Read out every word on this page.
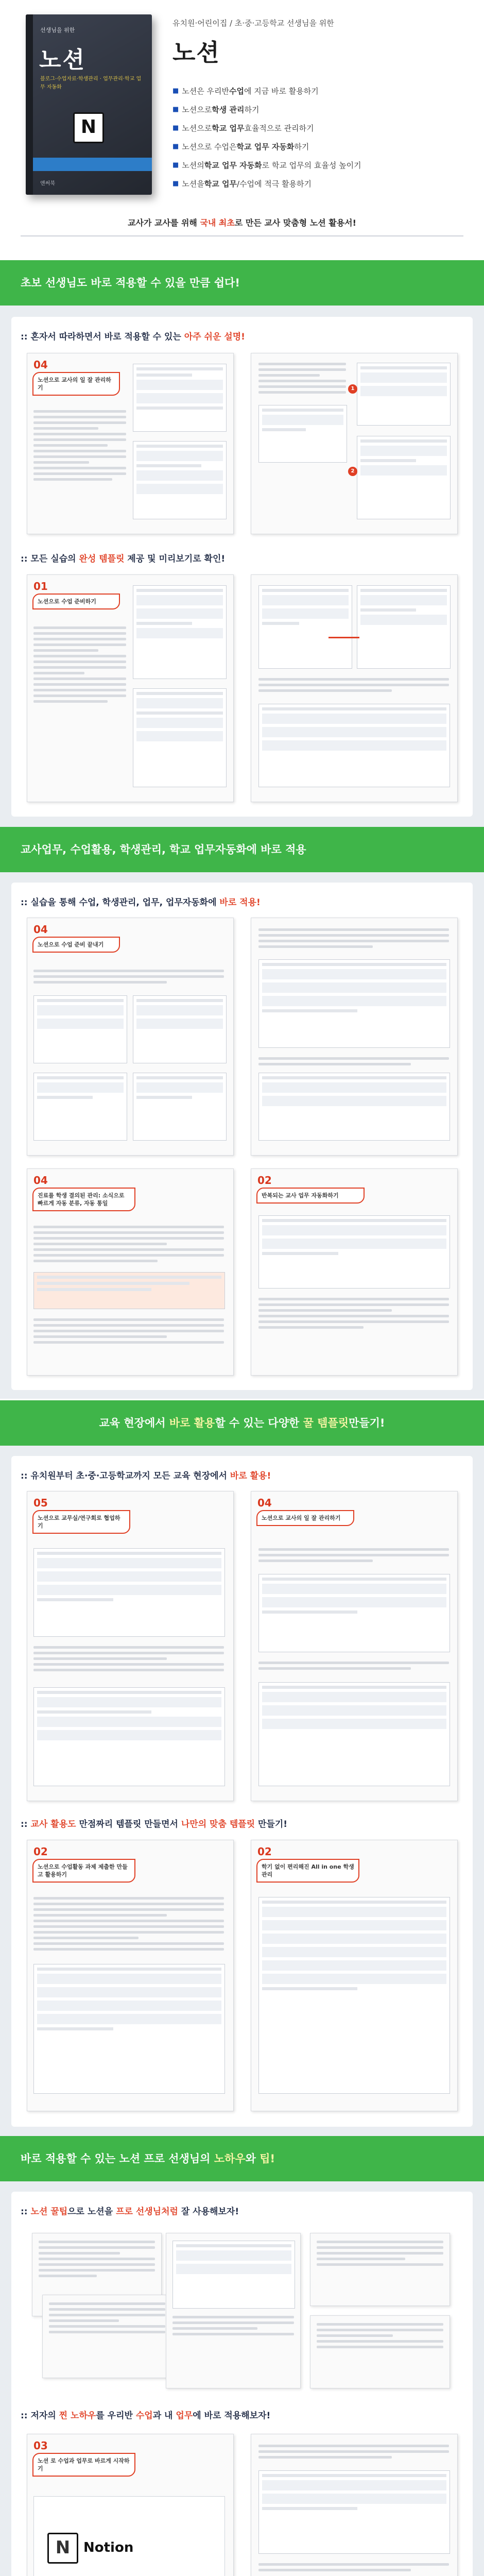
선생님을 위한
노션
블로그·수업자료·학생관리 · 업무관리·학교 업무 자동화
N
앤써북
유치원·어린이집 / 초·중·고등학교 선생님을 위한
노션
■ 노션은 우리반 수업 에 지금 바로 활용하기
■ 노션으로 학생 관리 하기
■ 노션으로 학교 업무 효율적으로 관리하기
■ 노션으로 수업은 학교 업무 자동화 하기
■ 노션의 학교 업무 자동화 로 학교 업무의 효율성 높이기
■ 노션을 학교 업무 /수업에 적극 활용하기
교사가 교사를 위해 국내 최초로 만든 교사 맞춤형 노션 활용서!
초보 선생님도 바로 적용할 수 있을 만큼 쉽다!
:: 혼자서 따라하면서 바로 적용할 수 있는 아주 쉬운 설명!
04
노션으로 교사의 일 잘 관리하기	1
2
:: 모든 실습의 완성 템플릿 제공 및 미리보기로 확인!
01
노션으로 수업 준비하기
교사업무, 수업활용, 학생관리, 학교 업무자동화에 바로 적용
:: 실습을 통해 수업, 학생관리, 업무, 업무자동화에 바로 적용!
04
노션으로 수업 준비 끝내기
04
진료를 학생 결의된 관리: 소식으로 빠르게 자동 분류, 자동 통일
02
반복되는 교사 업무 자동화하기
교육 현장에서 바로 활용할 수 있는 다양한 꿀 템플릿만들기!
:: 유치원부터 초·중·고등학교까지 모든 교육 현장에서 바로 활용!
05
노션으로 교무실/연구회로 협업하기
04
노션으로 교사의 일 잘 관리하기
:: 교사 활용도 만점짜리 템플릿 만들면서 나만의 맞춤 템플릿 만들기!
02
노션으로 수업활동 과제 제출한 만들고 활용하기
02
학기 없이 편리해진 All in one 학생 관리
바로 적용할 수 있는 노션 프로 선생님의 노하우와 팁!
:: 노션 꿀팁으로 노션을 프로 선생님처럼 잘 사용해보자!
:: 저자의 찐 노하우를 우리반 수업과 내 업무에 바로 적용해보자!
03
노션 로 수업과 업무로 바르게 시작하기
N Notion
